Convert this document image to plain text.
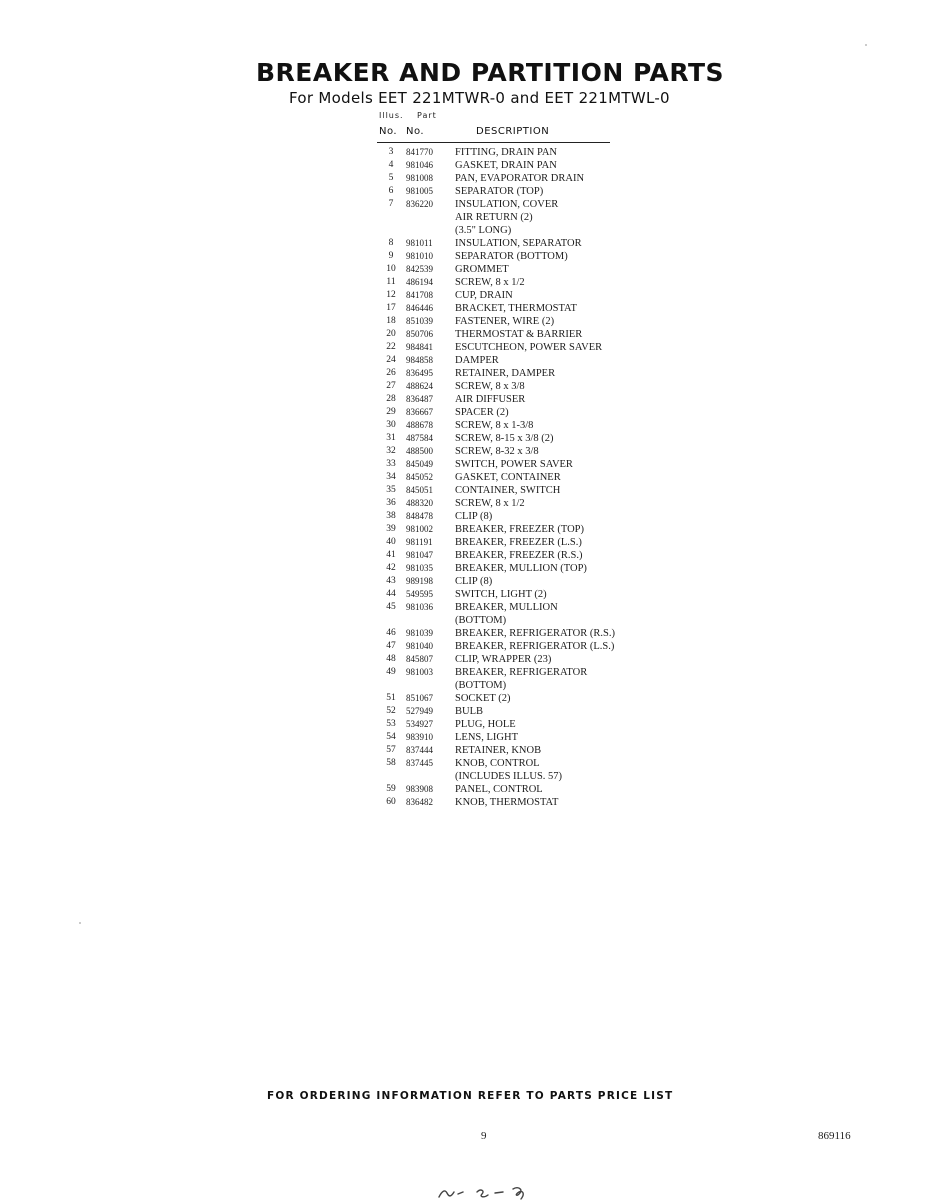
BREAKER AND PARTITION PARTS
For Models EET 221MTWR-0 and EET 221MTWL-0
Illus. Part
No. No.	DESCRIPTION
3	841770 FITTING, DRAIN PAN
4	981046 GASKET, DRAIN PAN
5	981008 PAN, EVAPORATOR DRAIN
6	981005 SEPARATOR (TOP)
7	836220 INSULATION, COVER
AIR RETURN (2)
(3.5" LONG)
8	981011 INSULATION, SEPARATOR
9	981010 SEPARATOR (BOTTOM)
10	842539 GROMMET
11	486194 SCREW, 8 x 1/2
12	841708 CUP, DRAIN
17	846446 BRACKET, THERMOSTAT
18	851039 FASTENER, WIRE (2)
20	850706 THERMOSTAT & BARRIER
22	984841 ESCUTCHEON, POWER SAVER
24	984858 DAMPER
26	836495 RETAINER, DAMPER
27	488624 SCREW, 8 x 3/8
28	836487 AIR DIFFUSER
29	836667 SPACER (2)
30	488678 SCREW, 8 x 1-3/8
31	487584 SCREW, 8-15 x 3/8 (2)
32	488500 SCREW, 8-32 x 3/8
33	845049 SWITCH, POWER SAVER
34	845052 GASKET, CONTAINER
35	845051 CONTAINER, SWITCH
36	488320 SCREW, 8 x 1/2
38	848478 CLIP (8)
39	981002 BREAKER, FREEZER (TOP)
40	981191 BREAKER, FREEZER (L.S.)
41	981047 BREAKER, FREEZER (R.S.)
42	981035 BREAKER, MULLION (TOP)
43	989198 CLIP (8)
44	549595 SWITCH, LIGHT (2)
45	981036 BREAKER, MULLION
(BOTTOM)
46	981039 BREAKER, REFRIGERATOR (R.S.)
47	981040 BREAKER, REFRIGERATOR (L.S.)
48	845807 CLIP, WRAPPER (23)
49	981003 BREAKER, REFRIGERATOR
(BOTTOM)
51	851067 SOCKET (2)
52	527949 BULB
53	534927 PLUG, HOLE
54	983910 LENS, LIGHT
57	837444 RETAINER, KNOB
58	837445 KNOB, CONTROL
(INCLUDES ILLUS. 57)
59	983908 PANEL, CONTROL
60	836482 KNOB, THERMOSTAT
FOR ORDERING INFORMATION REFER TO PARTS PRICE LIST
9	869116
